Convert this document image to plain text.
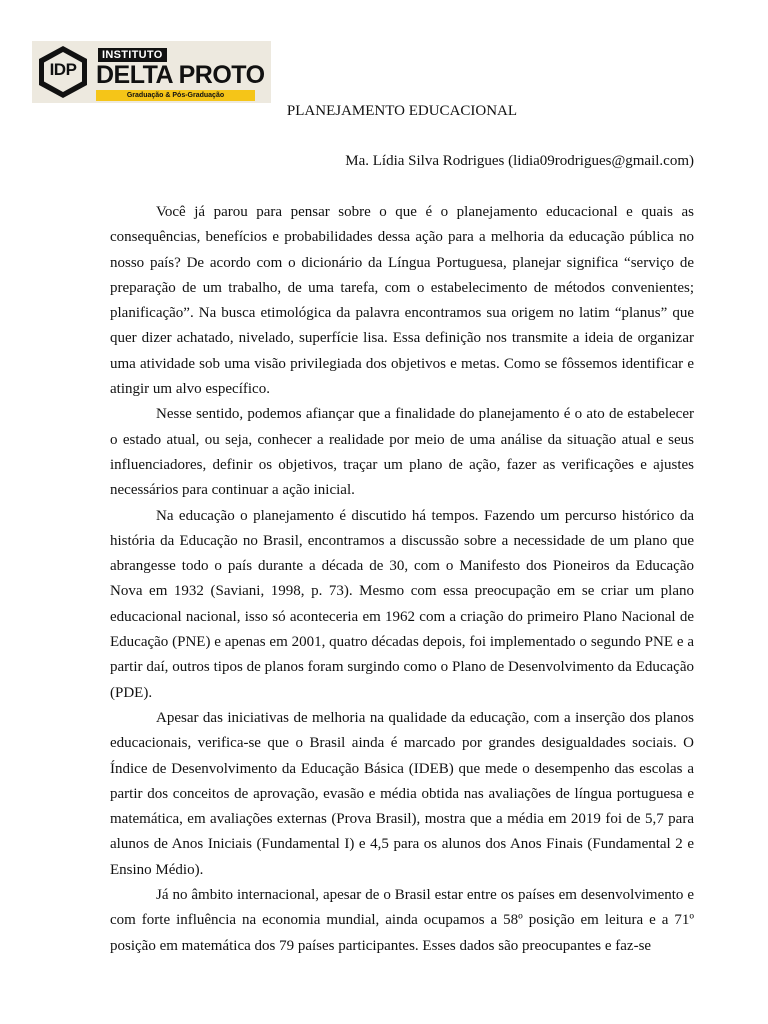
IDP
INSTITUTO
DELTA PROTO
Graduação & Pós-Graduação
PLANEJAMENTO EDUCACIONAL
Ma. Lídia Silva Rodrigues (lidia09rodrigues@gmail.com)

Você já parou para pensar sobre o que é o planejamento educacional e quais as consequências, benefícios e probabilidades dessa ação para a melhoria da educação pública no nosso país? De acordo com o dicionário da Língua Portuguesa, planejar significa “serviço de preparação de um trabalho, de uma tarefa, com o estabelecimento de métodos convenientes; planificação”. Na busca etimológica da palavra encontramos sua origem no latim “planus” que quer dizer achatado, nivelado, superfície lisa. Essa definição nos transmite a ideia de organizar uma atividade sob uma visão privilegiada dos objetivos e metas. Como se fôssemos identificar e atingir um alvo específico.

Nesse sentido, podemos afiançar que a finalidade do planejamento é o ato de estabelecer o estado atual, ou seja, conhecer a realidade por meio de uma análise da situação atual e seus influenciadores, definir os objetivos, traçar um plano de ação, fazer as verificações e ajustes necessários para continuar a ação inicial.

Na educação o planejamento é discutido há tempos. Fazendo um percurso histórico da história da Educação no Brasil, encontramos a discussão sobre a necessidade de um plano que abrangesse todo o país durante a década de 30, com o Manifesto dos Pioneiros da Educação Nova em 1932 (Saviani, 1998, p. 73). Mesmo com essa preocupação em se criar um plano educacional nacional, isso só aconteceria em 1962 com a criação do primeiro Plano Nacional de Educação (PNE) e apenas em 2001, quatro décadas depois, foi implementado o segundo PNE e a partir daí, outros tipos de planos foram surgindo como o Plano de Desenvolvimento da Educação (PDE).

Apesar das iniciativas de melhoria na qualidade da educação, com a inserção dos planos educacionais, verifica-se que o Brasil ainda é marcado por grandes desigualdades sociais. O Índice de Desenvolvimento da Educação Básica (IDEB) que mede o desempenho das escolas a partir dos conceitos de aprovação, evasão e média obtida nas avaliações de língua portuguesa e matemática, em avaliações externas (Prova Brasil), mostra que a média em 2019 foi de 5,7 para alunos de Anos Iniciais (Fundamental I) e 4,5 para os alunos dos Anos Finais (Fundamental 2 e Ensino Médio).

Já no âmbito internacional, apesar de o Brasil estar entre os países em desenvolvimento e com forte influência na economia mundial, ainda ocupamos a 58º posição em leitura e a 71º posição em matemática dos 79 países participantes. Esses dados são preocupantes e faz-se
